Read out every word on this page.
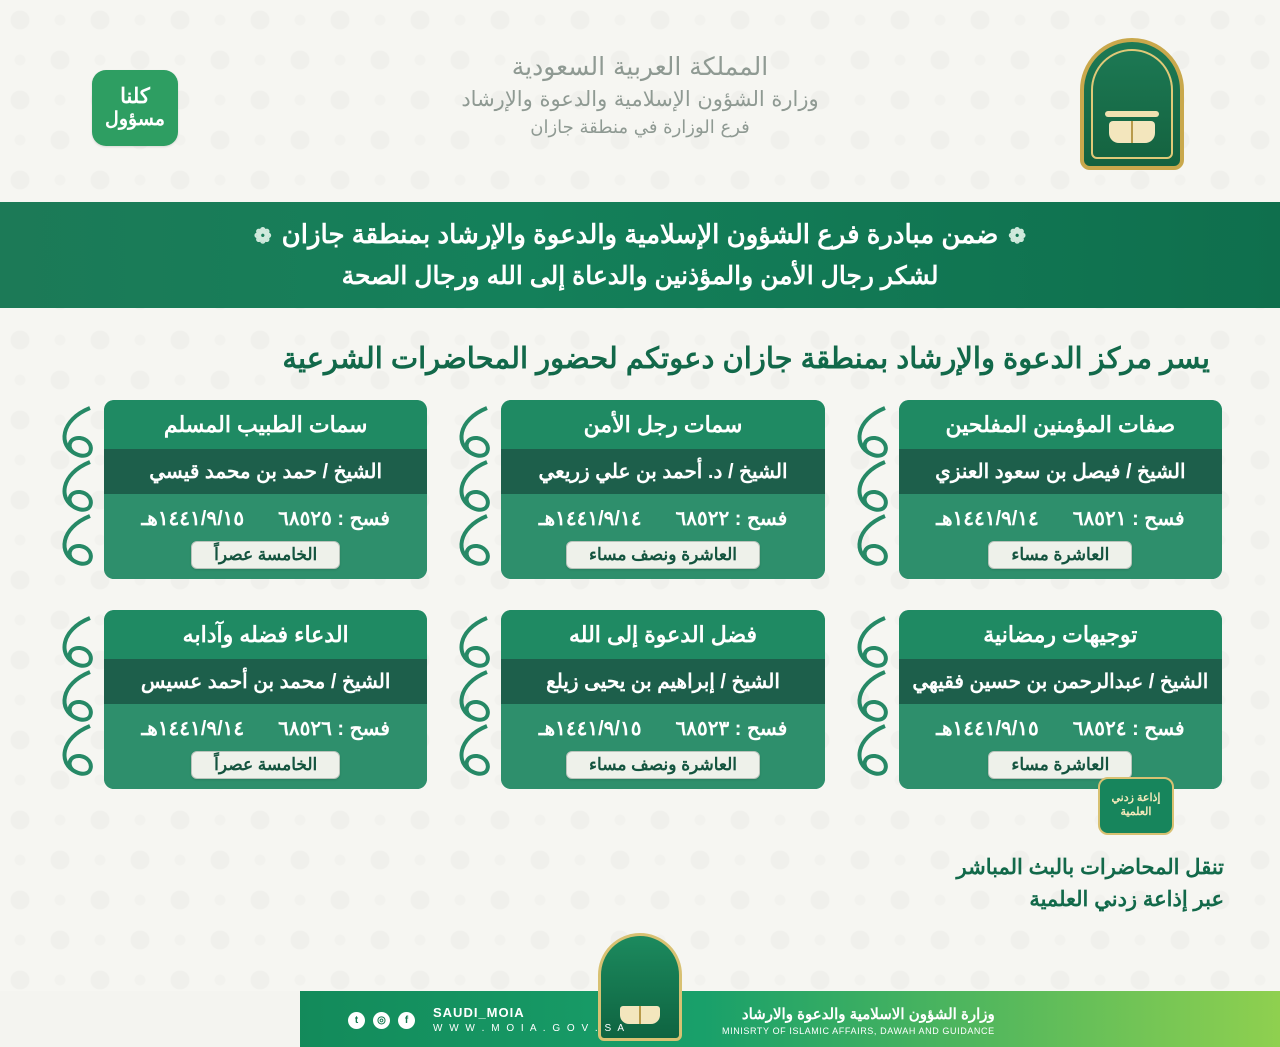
كلنا
مسؤول
المملكة العربية السعودية
وزارة الشؤون الإسلامية والدعوة والإرشاد
فرع الوزارة في منطقة جازان
❁ضمن مبادرة فرع الشؤون الإسلامية والدعوة والإرشاد بمنطقة جازان❁
لشكر رجال الأمن والمؤذنين والدعاة إلى الله ورجال الصحة
يسر مركز الدعوة والإرشاد بمنطقة جازان دعوتكم لحضور المحاضرات الشرعية
صفات المؤمنين المفلحين
الشيخ / فيصل بن سعود العنزي
فسح : ٦٨٥٢١
١٤٤١/٩/١٤هـ
العاشرة مساء
سمات رجل الأمن
الشيخ / د. أحمد بن علي زريعي
فسح : ٦٨٥٢٢
١٤٤١/٩/١٤هـ
العاشرة ونصف مساء
سمات الطبيب المسلم
الشيخ / حمد بن محمد قيسي
فسح : ٦٨٥٢٥
١٤٤١/٩/١٥هـ
الخامسة عصراً
توجيهات رمضانية
الشيخ / عبدالرحمن بن حسين فقيهي
فسح : ٦٨٥٢٤
١٤٤١/٩/١٥هـ
العاشرة مساء
فضل الدعوة إلى الله
الشيخ / إبراهيم بن يحيى زيلع
فسح : ٦٨٥٢٣
١٤٤١/٩/١٥هـ
العاشرة ونصف مساء
الدعاء فضله وآدابه
الشيخ / محمد بن أحمد عسيس
فسح : ٦٨٥٢٦
١٤٤١/٩/١٤هـ
الخامسة عصراً
إذاعة زدني
العلمية
تنقل المحاضرات بالبث المباشر
عبر إذاعة زدني العلمية
t	◎	f	SAUDI_MOIA
W W W . M O I A . G O V . S A
وزارة الشؤون الاسلامية والدعوة والارشاد
MINISRTY OF ISLAMIC AFFAIRS, DAWAH AND GUIDANCE
